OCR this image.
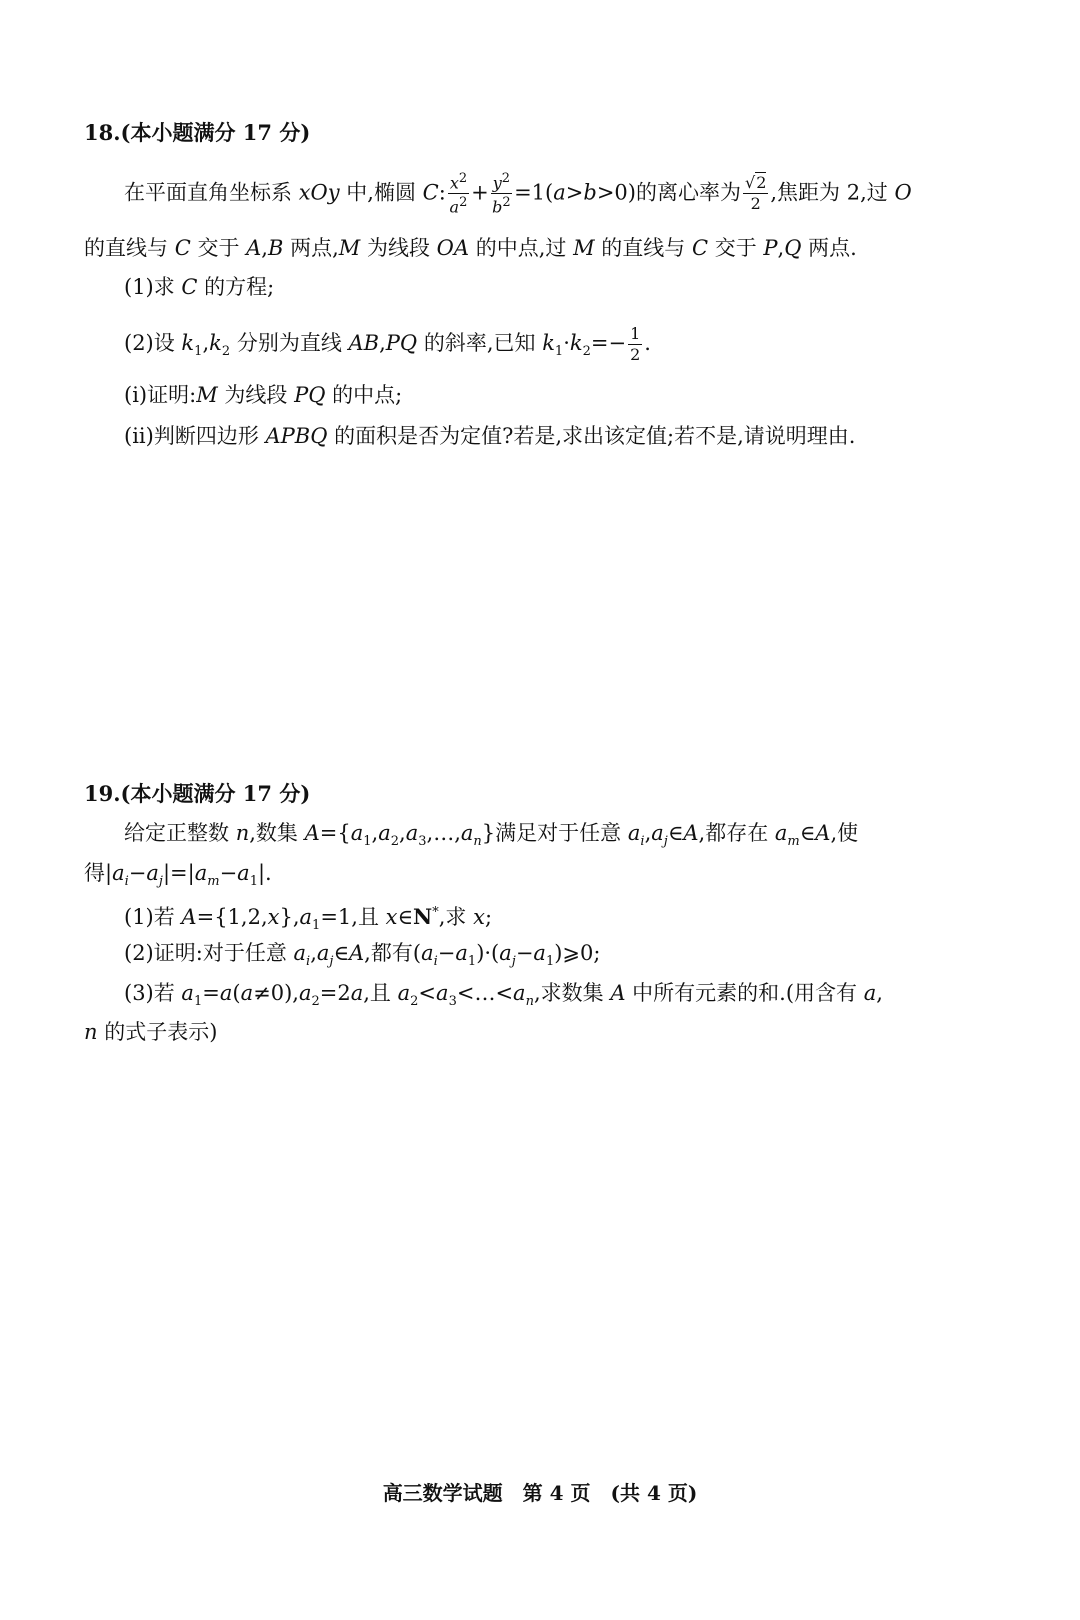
18.(本小题满分 17 分)
在平面直角坐标系 xOy 中,椭圆 C: $\frac{x^2}{a^2} + \frac{y^2}{b^2} =1(a>b>0)$的离心率为 $\frac{√2}{2}$ ,焦距为 2,过 O
的直线与 C 交于 A,B 两点,M 为线段 OA 的中点,过 M 的直线与 C 交于 P,Q 两点.
(1)求 C 的方程;
(2)设 $k_1,k_2$ 分别为直线 AB,PQ 的斜率,已知 $k_1\cdot k_2=- \frac{1}{2}$ .
(i)证明:M 为线段 PQ 的中点;
(ii)判断四边形 APBQ 的面积是否为定值?若是,求出该定值;若不是,请说明理由.
19.(本小题满分 17 分)
给定正整数 n,数集 $A=\{a_1,a_2,a_3,\dots,a_n\}$满足对于任意 $a_i,a_j\in A$,都存在 $a_m\in A$,使
得$|a_i-a_j|=|a_m-a_1|$.
(1)若 $A=\{1,2,x\},a_1=1$,且 x∈N*,求 x;
(2)证明:对于任意 $a_i,a_j\in A$,都有$(a_i-a_1)\cdot(a_j-a_1)⩾0$;
(3)若 $a_1=a(a\ne 0),a_2=2a$,且 $a_2<a_3<\dots<a_n$,求数集 A 中所有元素的和.(用含有 a,
n 的式子表示)
高三数学试题　第 4 页　(共 4 页)
